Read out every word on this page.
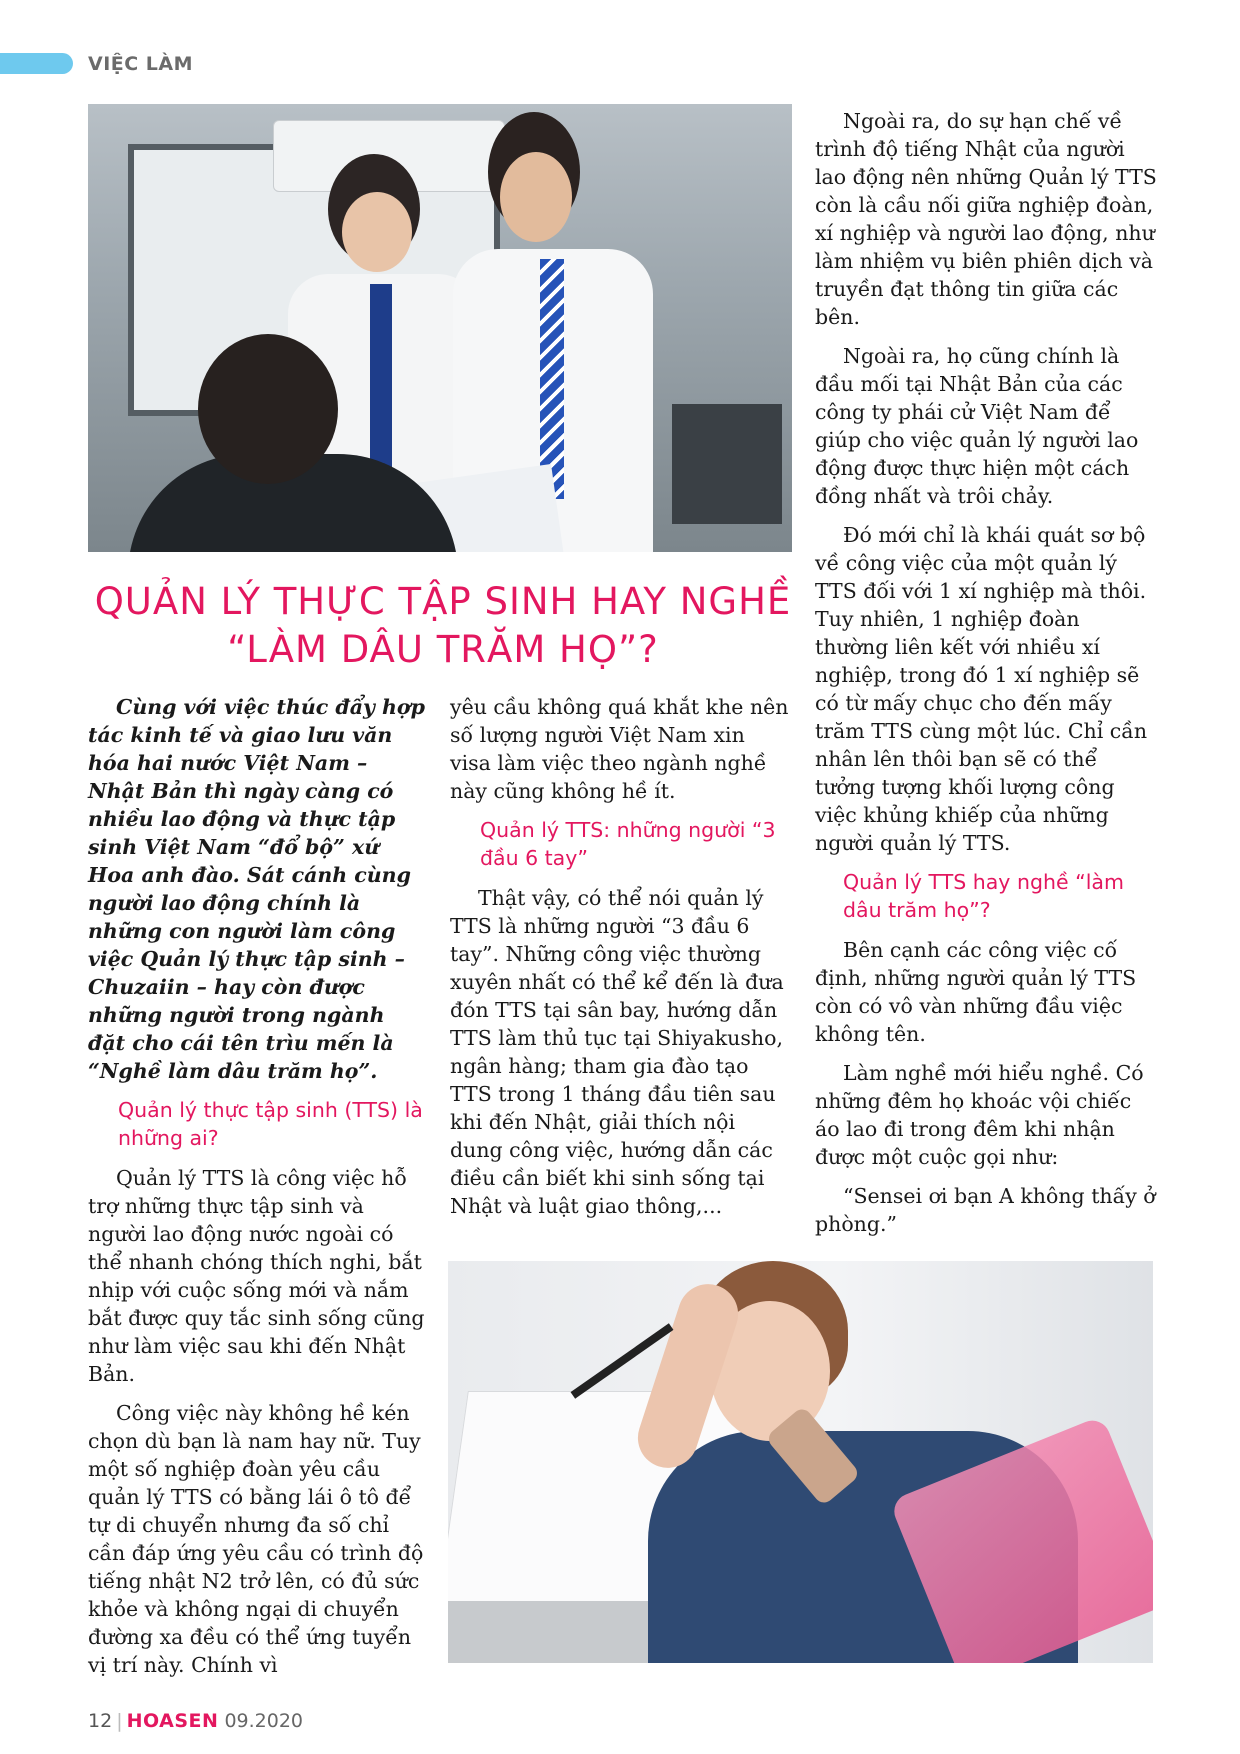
VIỆC LÀM
QUẢN LÝ THỰC TẬP SINH HAY NGHỀ “LÀM DÂU TRĂM HỌ”?

Cùng với việc thúc đẩy hợp tác kinh tế và giao lưu văn hóa hai nước Việt Nam – Nhật Bản thì ngày càng có nhiều lao động và thực tập sinh Việt Nam “đổ bộ” xứ Hoa anh đào. Sát cánh cùng người lao động chính là những con người làm công việc Quản lý thực tập sinh – Chuzaiin – hay còn được những người trong ngành đặt cho cái tên trìu mến là “Nghề làm dâu trăm họ”.

Quản lý thực tập sinh (TTS) là những ai?

Quản lý TTS là công việc hỗ trợ những thực tập sinh và người lao động nước ngoài có thể nhanh chóng thích nghi, bắt nhịp với cuộc sống mới và nắm bắt được quy tắc sinh sống cũng như làm việc sau khi đến Nhật Bản.

Công việc này không hề kén chọn dù bạn là nam hay nữ. Tuy một số nghiệp đoàn yêu cầu quản lý TTS có bằng lái ô tô để tự di chuyển nhưng đa số chỉ cần đáp ứng yêu cầu có trình độ tiếng nhật N2 trở lên, có đủ sức khỏe và không ngại di chuyển đường xa đều có thể ứng tuyển vị trí này. Chính vì

yêu cầu không quá khắt khe nên số lượng người Việt Nam xin visa làm việc theo ngành nghề này cũng không hề ít.

Quản lý TTS: những người “3 đầu 6 tay”

Thật vậy, có thể nói quản lý TTS là những người “3 đầu 6 tay”. Những công việc thường xuyên nhất có thể kể đến là đưa đón TTS tại sân bay, hướng dẫn TTS làm thủ tục tại Shiyakusho, ngân hàng; tham gia đào tạo TTS trong 1 tháng đầu tiên sau khi đến Nhật, giải thích nội dung công việc, hướng dẫn các điều cần biết khi sinh sống tại Nhật và luật giao thông,...

Ngoài ra, do sự hạn chế về trình độ tiếng Nhật của người lao động nên những Quản lý TTS còn là cầu nối giữa nghiệp đoàn, xí nghiệp và người lao động, như làm nhiệm vụ biên phiên dịch và truyền đạt thông tin giữa các bên.

Ngoài ra, họ cũng chính là đầu mối tại Nhật Bản của các công ty phái cử Việt Nam để giúp cho việc quản lý người lao động được thực hiện một cách đồng nhất và trôi chảy.

Đó mới chỉ là khái quát sơ bộ về công việc của một quản lý TTS đối với 1 xí nghiệp mà thôi. Tuy nhiên, 1 nghiệp đoàn thường liên kết với nhiều xí nghiệp, trong đó 1 xí nghiệp sẽ có từ mấy chục cho đến mấy trăm TTS cùng một lúc. Chỉ cần nhân lên thôi bạn sẽ có thể tưởng tượng khối lượng công việc khủng khiếp của những người quản lý TTS.

Quản lý TTS hay nghề “làm dâu trăm họ”?

Bên cạnh các công việc cố định, những người quản lý TTS còn có vô vàn những đầu việc không tên.

Làm nghề mới hiểu nghề. Có những đêm họ khoác vội chiếc áo lao đi trong đêm khi nhận được một cuộc gọi như:

“Sensei ơi bạn A không thấy ở phòng.”

12 | HOASEN 09.2020
